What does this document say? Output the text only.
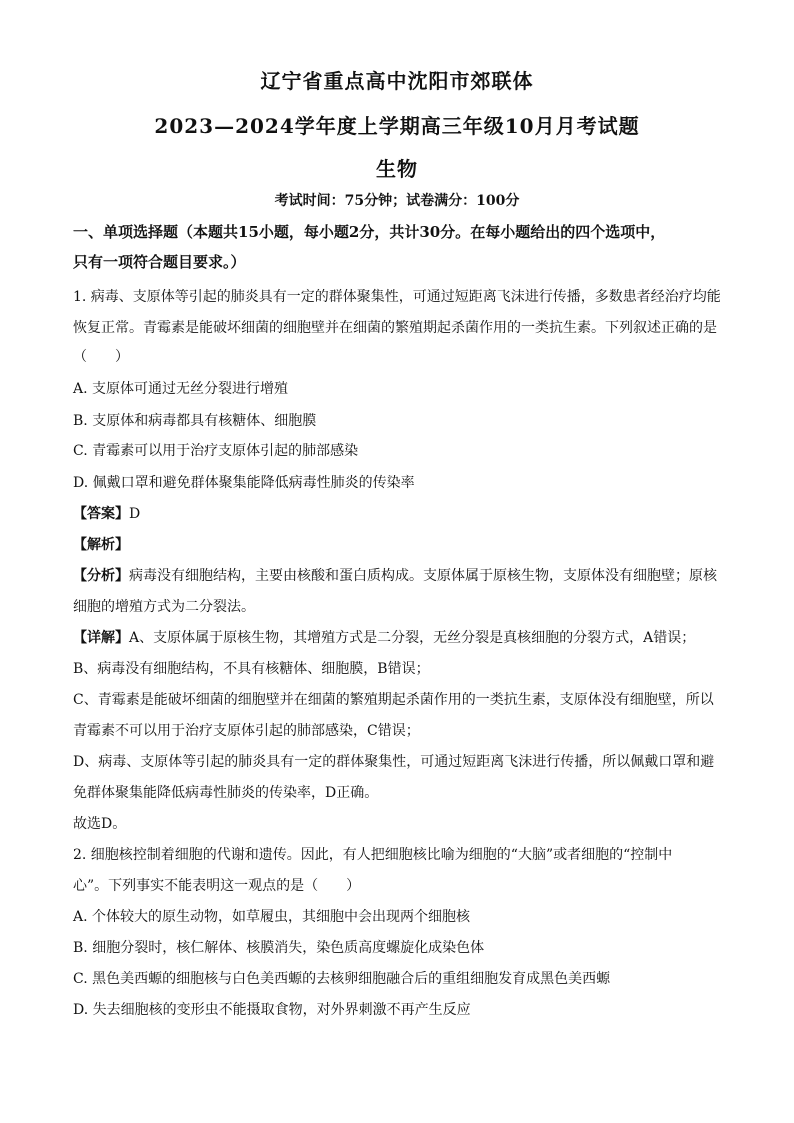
辽宁省重点高中沈阳市郊联体
2023—2024学年度上学期高三年级10月月考试题
生物
考试时间：75分钟；试卷满分：100分
一、单项选择题（本题共15小题，每小题2分，共计30分。在每小题给出的四个选项中，
只有一项符合题目要求。）
1. 病毒、支原体等引起的肺炎具有一定的群体聚集性，可通过短距离飞沫进行传播，多数患者经治疗均能
恢复正常。青霉素是能破坏细菌的细胞壁并在细菌的繁殖期起杀菌作用的一类抗生素。下列叙述正确的是
（　　）
A. 支原体可通过无丝分裂进行增殖
B. 支原体和病毒都具有核糖体、细胞膜
C. 青霉素可以用于治疗支原体引起的肺部感染
D. 佩戴口罩和避免群体聚集能降低病毒性肺炎的传染率
【答案】D
【解析】
【分析】病毒没有细胞结构，主要由核酸和蛋白质构成。支原体属于原核生物，支原体没有细胞壁；原核
细胞的增殖方式为二分裂法。
【详解】A、支原体属于原核生物，其增殖方式是二分裂，无丝分裂是真核细胞的分裂方式，A错误；
B、病毒没有细胞结构，不具有核糖体、细胞膜，B错误；
C、青霉素是能破坏细菌的细胞壁并在细菌的繁殖期起杀菌作用的一类抗生素，支原体没有细胞壁，所以
青霉素不可以用于治疗支原体引起的肺部感染，C错误；
D、病毒、支原体等引起的肺炎具有一定的群体聚集性，可通过短距离飞沫进行传播，所以佩戴口罩和避
免群体聚集能降低病毒性肺炎的传染率，D正确。
故选D。
2. 细胞核控制着细胞的代谢和遗传。因此，有人把细胞核比喻为细胞的“大脑”或者细胞的“控制中
心”。下列事实不能表明这一观点的是（　　）
A. 个体较大的原生动物，如草履虫，其细胞中会出现两个细胞核
B. 细胞分裂时，核仁解体、核膜消失，染色质高度螺旋化成染色体
C. 黑色美西螈的细胞核与白色美西螈的去核卵细胞融合后的重组细胞发育成黑色美西螈
D. 失去细胞核的变形虫不能摄取食物，对外界刺激不再产生反应
